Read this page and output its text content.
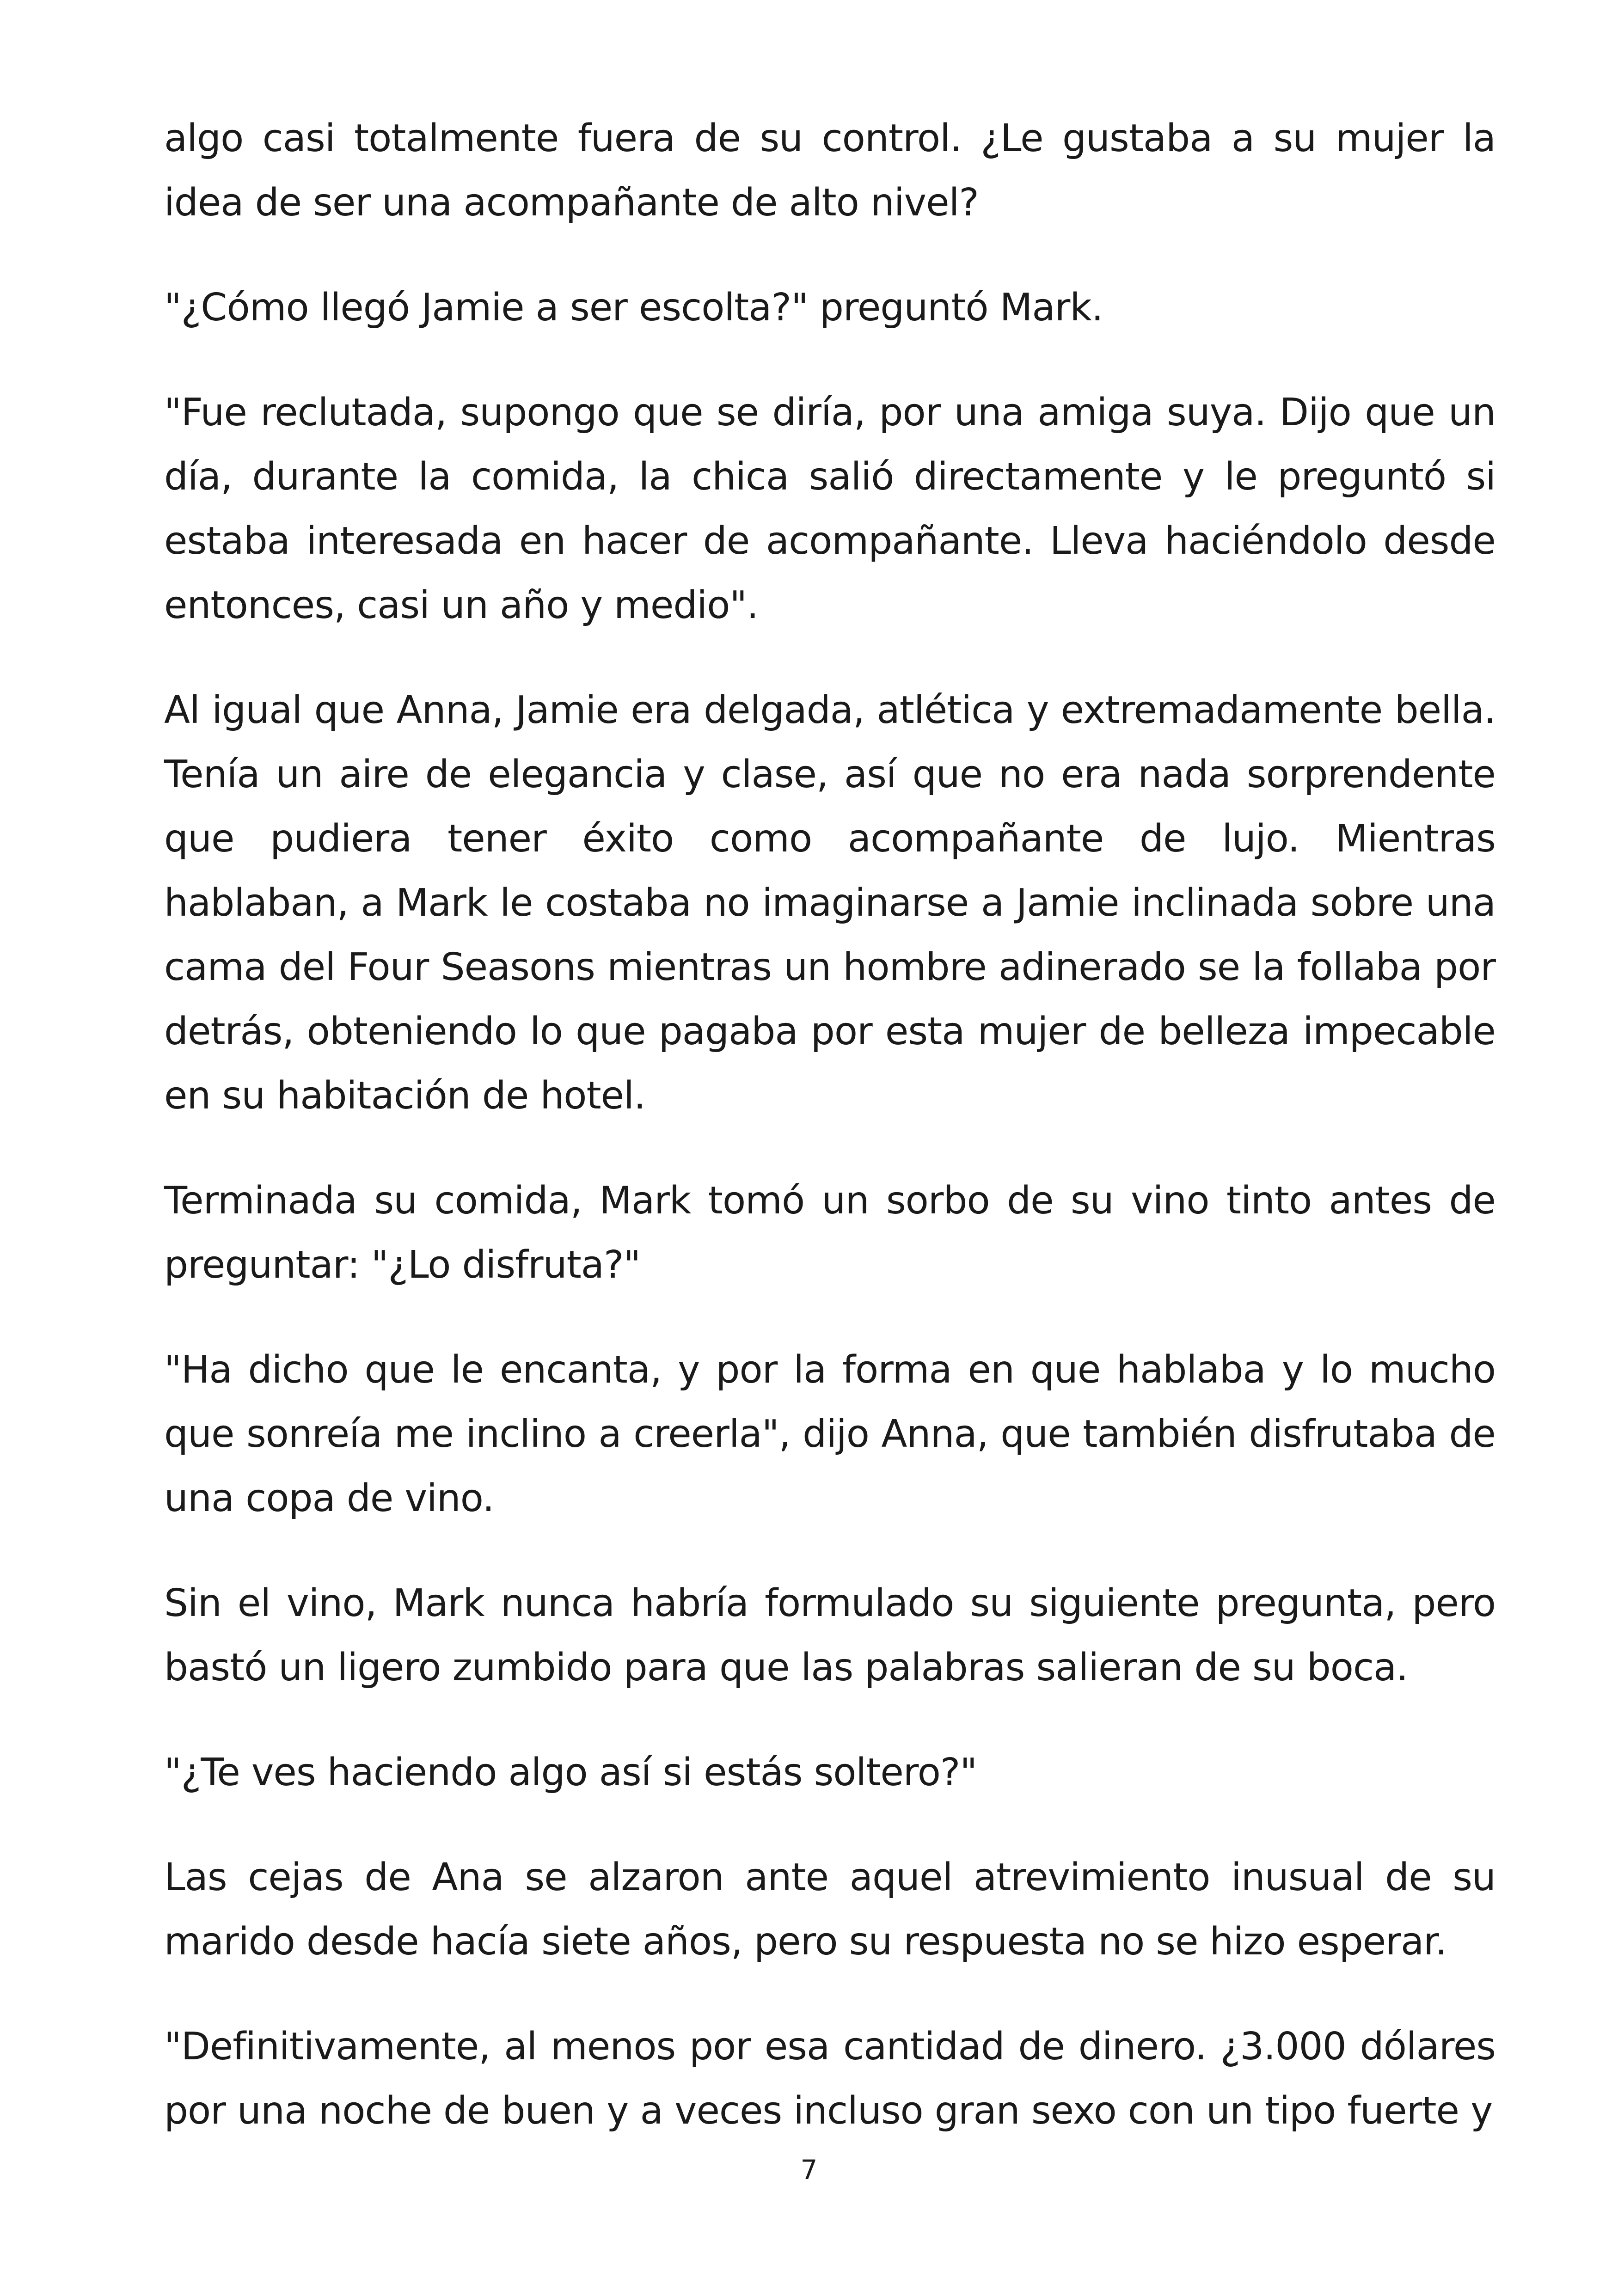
algo casi totalmente fuera de su control. ¿Le gustaba a su mujer la idea de ser una acompañante de alto nivel?

"¿Cómo llegó Jamie a ser escolta?" preguntó Mark.

"Fue reclutada, supongo que se diría, por una amiga suya. Dijo que un día, durante la comida, la chica salió directamente y le preguntó si estaba interesada en hacer de acompañante. Lleva haciéndolo desde entonces, casi un año y medio".

Al igual que Anna, Jamie era delgada, atlética y extremadamente bella. Tenía un aire de elegancia y clase, así que no era nada sorprendente que pudiera tener éxito como acompañante de lujo. Mientras hablaban, a Mark le costaba no imaginarse a Jamie inclinada sobre una cama del Four Seasons mientras un hombre adinerado se la follaba por detrás, obteniendo lo que pagaba por esta mujer de belleza impecable en su habitación de hotel.

Terminada su comida, Mark tomó un sorbo de su vino tinto antes de preguntar: "¿Lo disfruta?"

"Ha dicho que le encanta, y por la forma en que hablaba y lo mucho que sonreía me inclino a creerla", dijo Anna, que también disfrutaba de una copa de vino.

Sin el vino, Mark nunca habría formulado su siguiente pregunta, pero bastó un ligero zumbido para que las palabras salieran de su boca.

"¿Te ves haciendo algo así si estás soltero?"

Las cejas de Ana se alzaron ante aquel atrevimiento inusual de su marido desde hacía siete años, pero su respuesta no se hizo esperar.

"Definitivamente, al menos por esa cantidad de dinero. ¿3.000 dólares por una noche de buen y a veces incluso gran sexo con un tipo fuerte y

7
